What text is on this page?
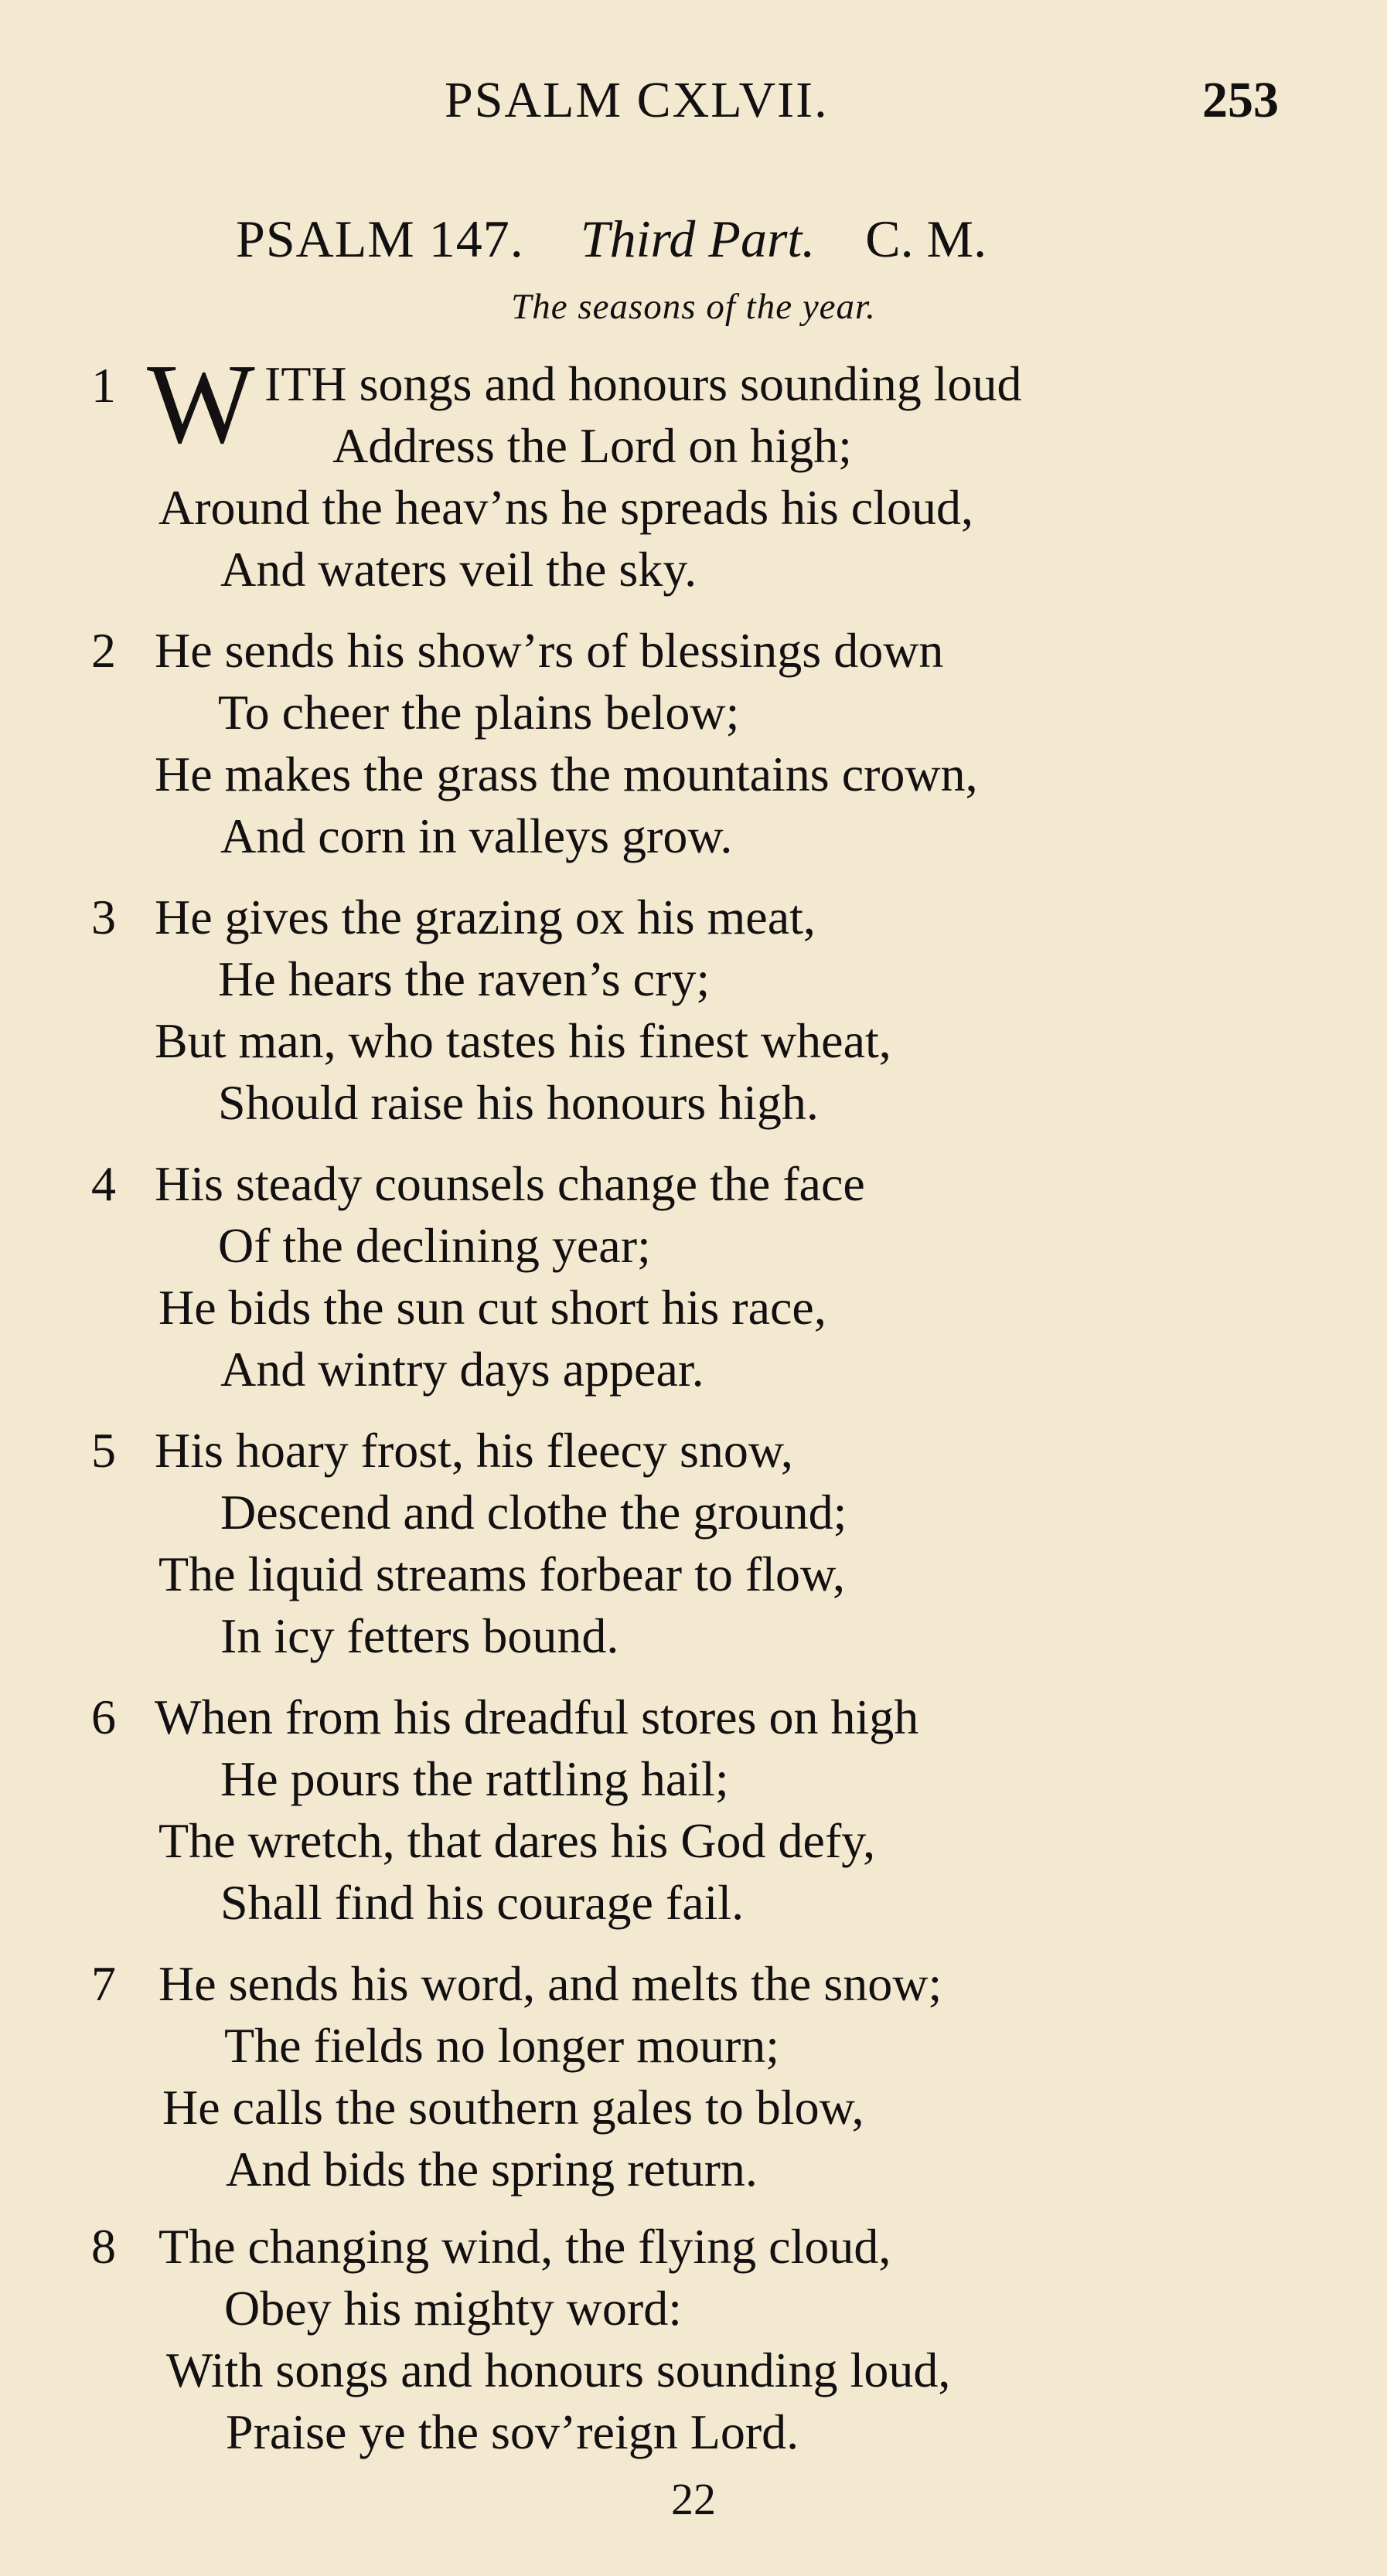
PSALM CXLVII.	253
PSALM 147. Third Part. C. M.
The seasons of the year.
1 W ITH songs and honours sounding loud
Address the Lord on high;
Around the heav’ns he spreads his cloud,
And waters veil the sky.
2 He sends his show’rs of blessings down
To cheer the plains below;
He makes the grass the mountains crown,
And corn in valleys grow.
3 He gives the grazing ox his meat,
He hears the raven’s cry;
But man, who tastes his finest wheat,
Should raise his honours high.
4 His steady counsels change the face
Of the declining year;
He bids the sun cut short his race,
And wintry days appear.
5 His hoary frost, his fleecy snow,
Descend and clothe the ground;
The liquid streams forbear to flow,
In icy fetters bound.
6 When from his dreadful stores on high
He pours the rattling hail;
The wretch, that dares his God defy,
Shall find his courage fail.
7 He sends his word, and melts the snow;
The fields no longer mourn;
He calls the southern gales to blow,
And bids the spring return.
8 The changing wind, the flying cloud,
Obey his mighty word:
With songs and honours sounding loud,
Praise ye the sov’reign Lord.
22
